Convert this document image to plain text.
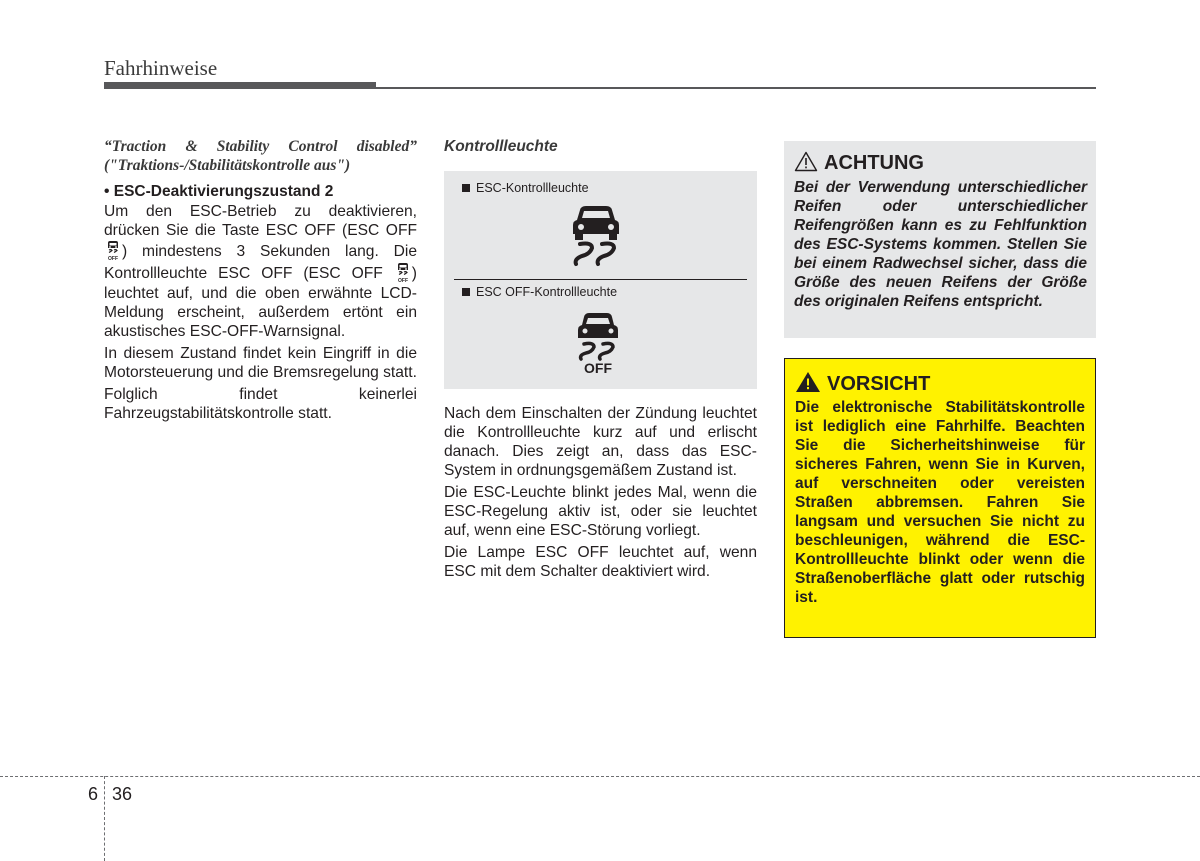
Fahrhinweise
“Traction & Stability Control disabled”
("Traktions-/Stabilitätskontrolle aus")
• ESC-Deaktivierungszustand 2

Um den ESC-Betrieb zu deaktivieren, drücken Sie die Taste ESC OFF (ESC OFF
OFF ) mindestens 3 Sekunden lang. Die Kontrollleuchte ESC OFF (ESC OFF	OFF ) leuchtet auf, und die oben erwähnte LCD-Meldung erscheint, außerdem ertönt ein akustisches ESC-OFF-Warnsignal.

In diesem Zustand findet kein Eingriff in die Motorsteuerung und die Bremsregelung statt.

Folglich findet keinerlei Fahrzeugstabilitätskontrolle statt.

Kontrollleuchte
ESC-Kontrollleuchte
ESC OFF-Kontrollleuchte
OFF

Nach dem Einschalten der Zündung leuchtet die Kontrollleuchte kurz auf und erlischt danach. Dies zeigt an, dass das ESC-System in ordnungsgemäßem Zustand ist.

Die ESC-Leuchte blinkt jedes Mal, wenn die ESC-Regelung aktiv ist, oder sie leuchtet auf, wenn eine ESC-Störung vorliegt.

Die Lampe ESC OFF leuchtet auf, wenn ESC mit dem Schalter deaktiviert wird.

ACHTUNG
Bei der Verwendung unterschiedlicher Reifen oder unterschiedlicher Reifengrößen kann es zu Fehlfunktion des ESC-Systems kommen. Stellen Sie bei einem Radwechsel sicher, dass die Größe des neuen Reifens der Größe des originalen Reifens entspricht.
VORSICHT
Die elektronische Stabilitätskontrolle ist lediglich eine Fahrhilfe. Beachten Sie die Sicherheitshinweise für sicheres Fahren, wenn Sie in Kurven, auf verschneiten oder vereisten Straßen abbremsen. Fahren Sie langsam und versuchen Sie nicht zu beschleunigen, während die ESC-Kontrollleuchte blinkt oder wenn die Straßenoberfläche glatt oder rutschig ist.
6 36
